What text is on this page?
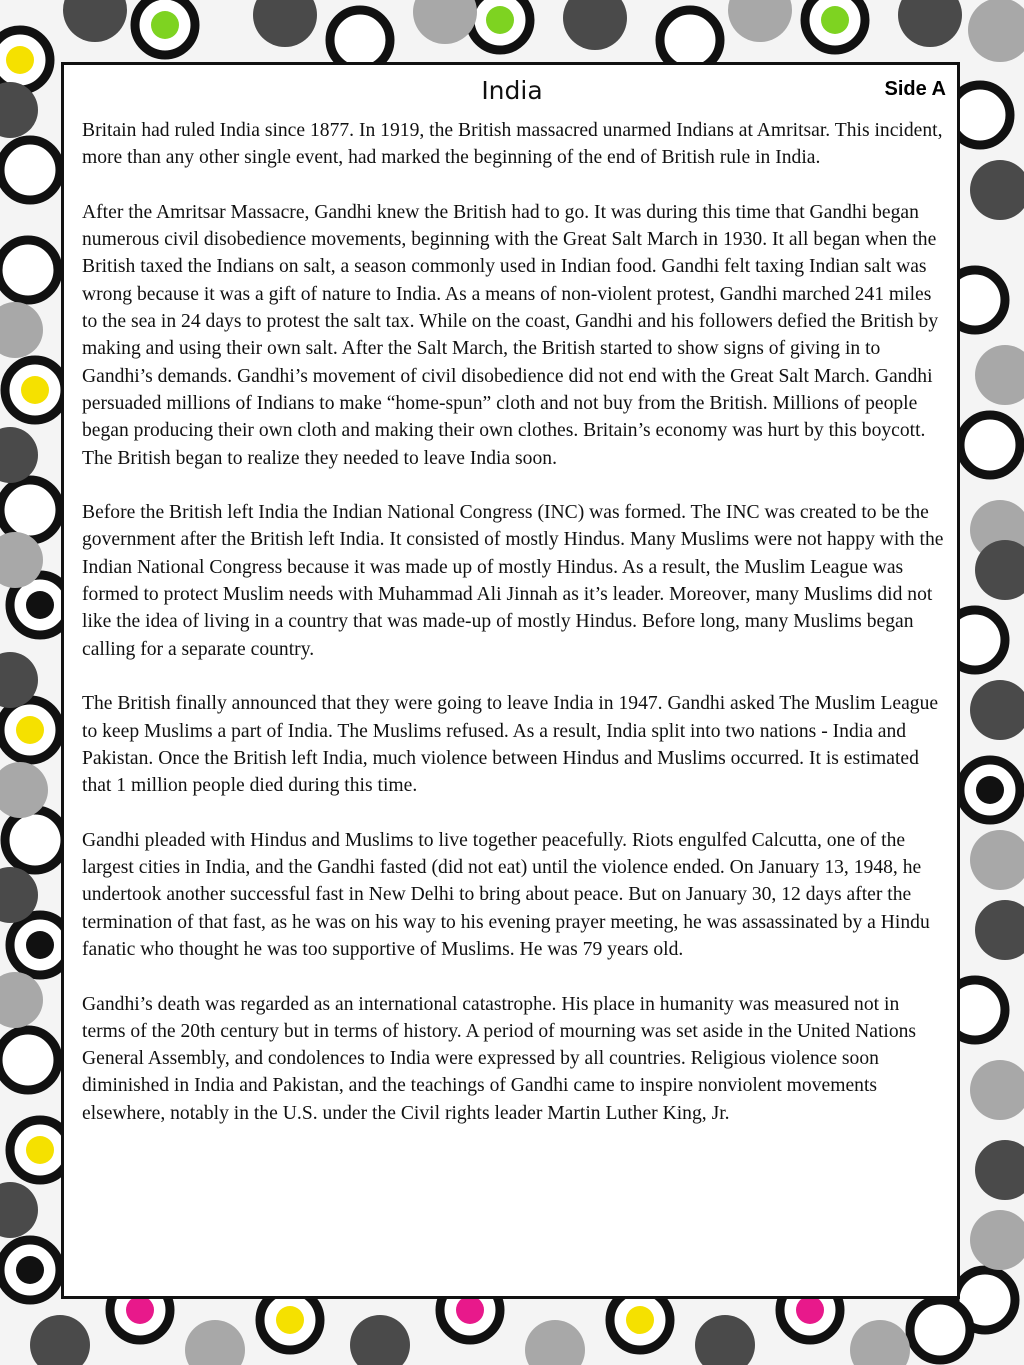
India	Side A

Britain had ruled India since 1877. In 1919, the British massacred unarmed Indians at Amritsar. This incident, more than any other single event, had marked the beginning of the end of British rule in India.

After the Amritsar Massacre, Gandhi knew the British had to go. It was during this time that Gandhi began numerous civil disobedience movements, beginning with the Great Salt March in 1930. It all began when the British taxed the Indians on salt, a season commonly used in Indian food. Gandhi felt taxing Indian salt was wrong because it was a gift of nature to India. As a means of non-violent protest, Gandhi marched 241 miles to the sea in 24 days to protest the salt tax. While on the coast, Gandhi and his followers defied the British by making and using their own salt. After the Salt March, the British started to show signs of giving in to Gandhi’s demands. Gandhi’s movement of civil disobedience did not end with the Great Salt March. Gandhi persuaded millions of Indians to make “home-spun” cloth and not buy from the British. Millions of people began producing their own cloth and making their own clothes. Britain’s economy was hurt by this boycott. The British began to realize they needed to leave India soon.

Before the British left India the Indian National Congress (INC) was formed. The INC was created to be the government after the British left India. It consisted of mostly Hindus. Many Muslims were not happy with the Indian National Congress because it was made up of mostly Hindus. As a result, the Muslim League was formed to protect Muslim needs with Muhammad Ali Jinnah as it’s leader. Moreover, many Muslims did not like the idea of living in a country that was made-up of mostly Hindus. Before long, many Muslims began calling for a separate country.

The British finally announced that they were going to leave India in 1947. Gandhi asked The Muslim League to keep Muslims a part of India. The Muslims refused. As a result, India split into two nations - India and Pakistan. Once the British left India, much violence between Hindus and Muslims occurred. It is estimated that 1 million people died during this time.

Gandhi pleaded with Hindus and Muslims to live together peacefully. Riots engulfed Calcutta, one of the largest cities in India, and the Gandhi fasted (did not eat) until the violence ended. On January 13, 1948, he undertook another successful fast in New Delhi to bring about peace. But on January 30, 12 days after the termination of that fast, as he was on his way to his evening prayer meeting, he was assassinated by a Hindu fanatic who thought he was too supportive of Muslims. He was 79 years old.

Gandhi’s death was regarded as an international catastrophe. His place in humanity was measured not in terms of the 20th century but in terms of history. A period of mourning was set aside in the United Nations General Assembly, and condolences to India were expressed by all countries. Religious violence soon diminished in India and Pakistan, and the teachings of Gandhi came to inspire nonviolent movements elsewhere, notably in the U.S. under the Civil rights leader Martin Luther King, Jr.
